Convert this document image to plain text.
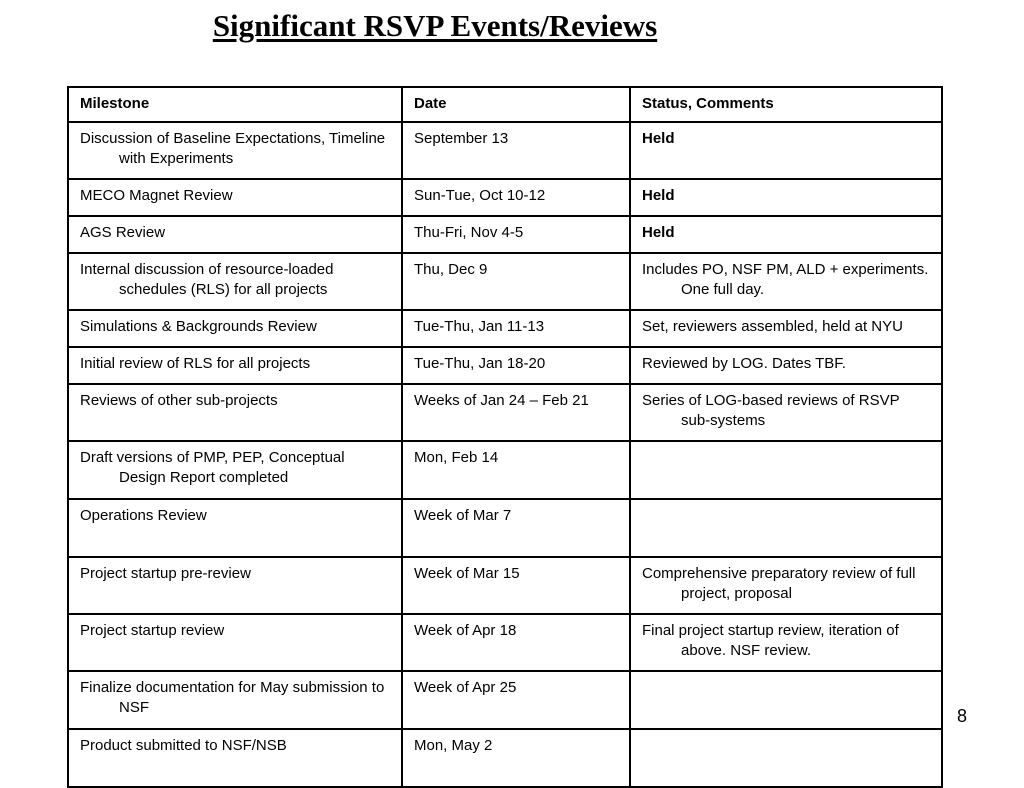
Significant RSVP Events/Reviews
Milestone	Date	Status, Comments

Discussion of Baseline Expectations, Timeline with Experiments	September 13	Held

MECO Magnet Review	Sun-Tue, Oct 10-12	Held

AGS Review	Thu-Fri, Nov 4-5	Held

Internal discussion of resource-loaded schedules (RLS) for all projects	Thu, Dec 9	Includes PO, NSF PM, ALD + experiments. One full day.

Simulations & Backgrounds Review	Tue-Thu, Jan 11-13	Set, reviewers assembled, held at NYU

Initial review of RLS for all projects	Tue-Thu, Jan 18-20	Reviewed by LOG. Dates TBF.

Reviews of other sub-projects	Weeks of Jan 24 – Feb 21	Series of LOG-based reviews of RSVP sub-systems

Draft versions of PMP, PEP, Conceptual Design Report completed	Mon, Feb 14	

Operations Review	Week of Mar 7	

Project startup pre-review	Week of Mar 15	Comprehensive preparatory review of full project, proposal

Project startup review	Week of Apr 18	Final project startup review, iteration of above. NSF review.

Finalize documentation for May submission to NSF	Week of Apr 25	

Product submitted to NSF/NSB	Mon, May 2	
8
